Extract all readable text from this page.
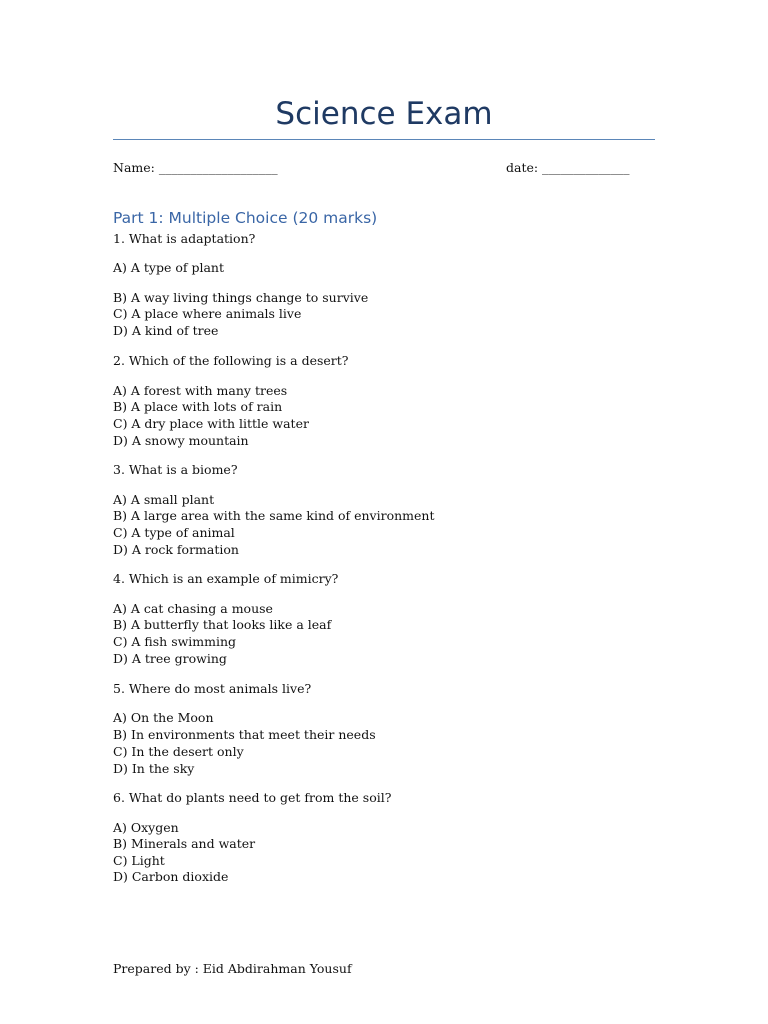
Science Exam
Name: ___________________	date: ______________
Part 1: Multiple Choice (20 marks)
1. What is adaptation?
A) A type of plant
B) A way living things change to survive
C) A place where animals live
D) A kind of tree
2. Which of the following is a desert?
A) A forest with many trees
B) A place with lots of rain
C) A dry place with little water
D) A snowy mountain
3. What is a biome?
A) A small plant
B) A large area with the same kind of environment
C) A type of animal
D) A rock formation
4. Which is an example of mimicry?
A) A cat chasing a mouse
B) A butterfly that looks like a leaf
C) A fish swimming
D) A tree growing
5. Where do most animals live?
A) On the Moon
B) In environments that meet their needs
C) In the desert only
D) In the sky
6. What do plants need to get from the soil?
A) Oxygen
B) Minerals and water
C) Light
D) Carbon dioxide
Prepared by : Eid Abdirahman Yousuf
